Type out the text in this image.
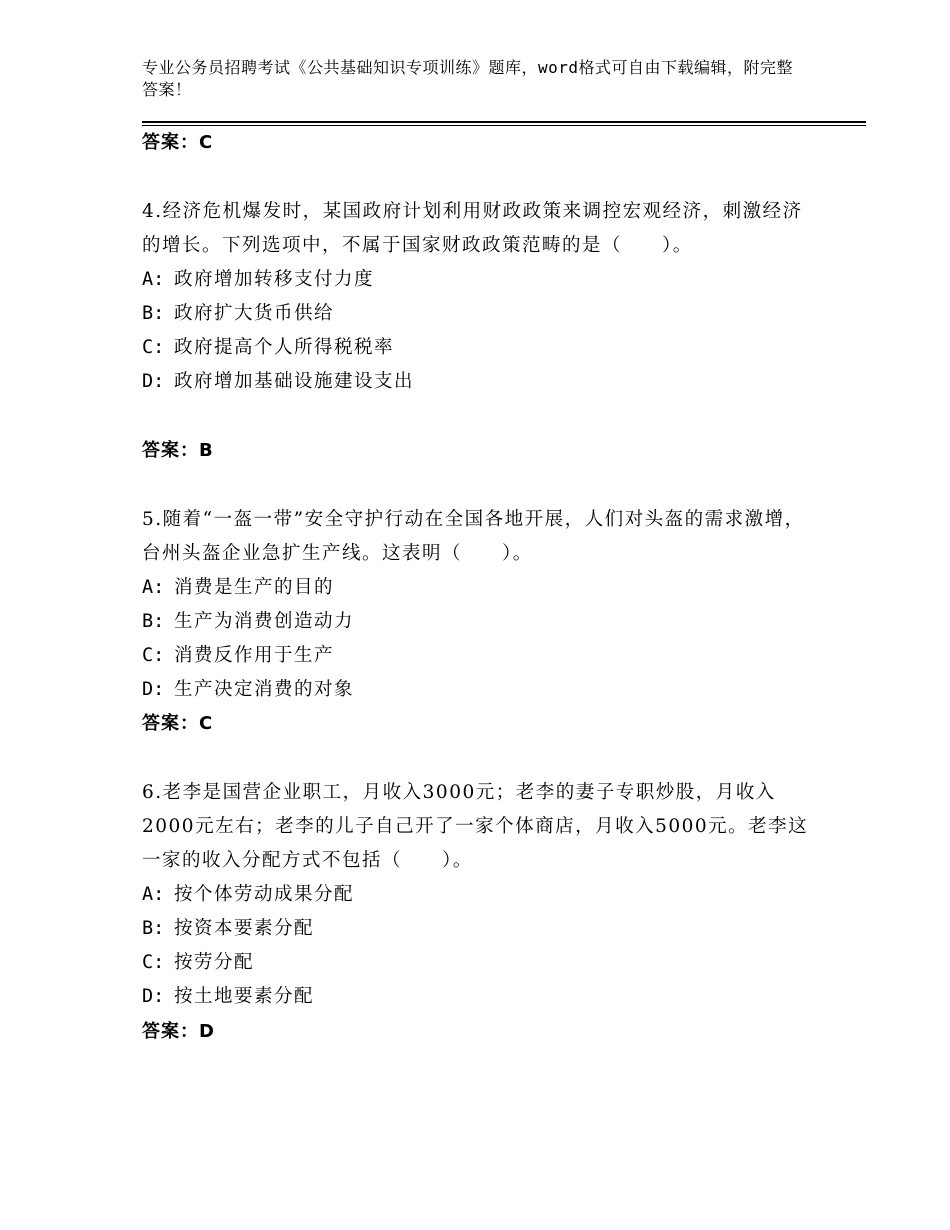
专业公务员招聘考试《公共基础知识专项训练》题库，word格式可自由下载编辑，附完整答案！
答案：C
4.经济危机爆发时，某国政府计划利用财政政策来调控宏观经济，刺激经济的增长。下列选项中，不属于国家财政政策范畴的是（　　）。
A: 政府增加转移支付力度
B: 政府扩大货币供给
C: 政府提高个人所得税税率
D: 政府增加基础设施建设支出
答案：B
5.随着“一盔一带”安全守护行动在全国各地开展，人们对头盔的需求激增，台州头盔企业急扩生产线。这表明（　　）。
A: 消费是生产的目的
B: 生产为消费创造动力
C: 消费反作用于生产
D: 生产决定消费的对象
答案：C
6.老李是国营企业职工，月收入3000元；老李的妻子专职炒股，月收入2000元左右；老李的儿子自己开了一家个体商店，月收入5000元。老李这一家的收入分配方式不包括（　　）。
A: 按个体劳动成果分配
B: 按资本要素分配
C: 按劳分配
D: 按土地要素分配
答案：D
